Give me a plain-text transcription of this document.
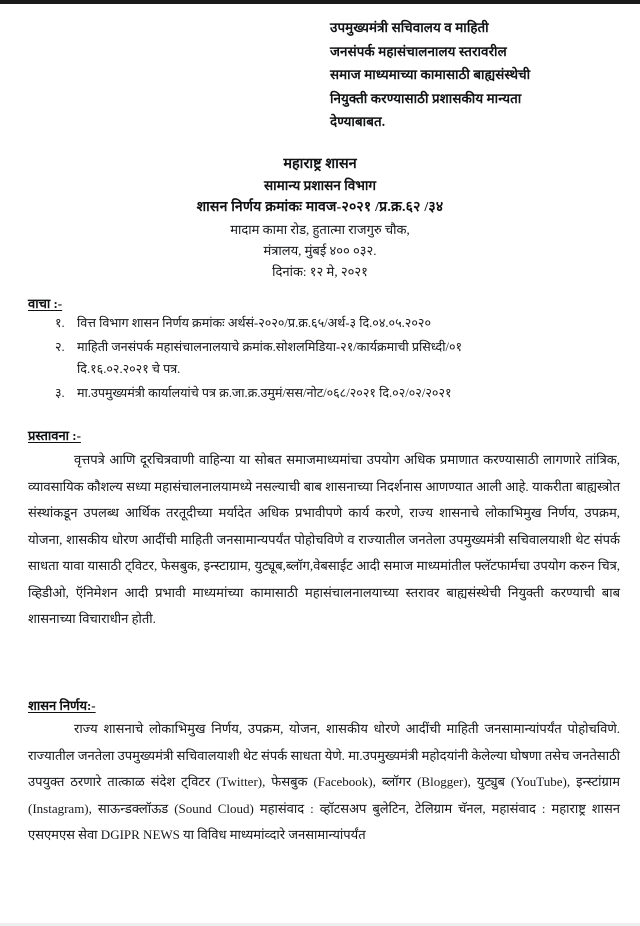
उपमुख्यमंत्री सचिवालय व माहिती
जनसंपर्क महासंचालनालय स्तरावरील
समाज माध्यमाच्या कामासाठी बाह्यसंस्थेची
नियुक्ती करण्यासाठी प्रशासकीय मान्यता
देण्याबाबत.
महाराष्ट्र शासन
सामान्य प्रशासन विभाग
शासन निर्णय क्रमांकः मावज-२०२१ /प्र.क्र.६२ /३४
मादाम कामा रोड, हुतात्मा राजगुरु चौक,
मंत्रालय, मुंबई ४०० ०३२.
दिनांक: १२ मे, २०२१
वाचा :-
१. वित्त विभाग शासन निर्णय क्रमांकः अर्थसं-२०२०/प्र.क्र.६५/अर्थ-३ दि.०४.०५.२०२०
२. माहिती जनसंपर्क महासंचालनालयाचे क्रमांक.सोशलमिडिया-२१/कार्यक्रमाची प्रसिध्दी/०१
दि.१६.०२.२०२१ चे पत्र.
३. मा.उपमुख्यमंत्री कार्यालयांचे पत्र क्र.जा.क्र.उमुमं/सस/नोट/०६८/२०२१ दि.०२/०२/२०२१
प्रस्तावना :-
वृत्तपत्रे आणि दूरचित्रवाणी वाहिन्या या सोबत समाजमाध्यमांचा उपयोग अधिक प्रमाणात करण्यासाठी लागणारे तांत्रिक, व्यावसायिक कौशल्य सध्या महासंचालनालयामध्ये नसल्याची बाब शासनाच्या निदर्शनास आणण्यात आली आहे. याकरीता बाह्यस्त्रोत संस्थांकडून उपलब्ध आर्थिक तरतूदीच्या मर्यादेत अधिक प्रभावीपणे कार्य करणे, राज्य शासनाचे लोकाभिमुख निर्णय, उपक्रम, योजना, शासकीय धोरण आदींची माहिती जनसामान्यपर्यंत पोहोचविणे व राज्यातील जनतेला उपमुख्यमंत्री सचिवालयाशी थेट संपर्क साधता यावा यासाठी ट्विटर, फेसबुक, इन्स्टाग्राम, युट्यूब,ब्लॉग,वेबसाईट आदी समाज माध्यमांतील फ्लॅटफार्मचा उपयोग करुन चित्र, व्हिडीओ, ऍनिमेशन आदी प्रभावी माध्यमांच्या कामासाठी महासंचालनालयाच्या स्तरावर बाह्यसंस्थेची नियुक्ती करण्याची बाब शासनाच्या विचाराधीन होती.
शासन निर्णय:-
राज्य शासनाचे लोकाभिमुख निर्णय, उपक्रम, योजन, शासकीय धोरणे आदींची माहिती जनसामान्यांपर्यंत पोहोचविणे. राज्यातील जनतेला उपमुख्यमंत्री सचिवालयाशी थेट संपर्क साधता येणे. मा.उपमुख्यमंत्री महोदयांनी केलेल्या घोषणा तसेच जनतेसाठी उपयुक्त ठरणारे तात्काळ संदेश ट्विटर (Twitter), फेसबुक (Facebook), ब्लॉगर (Blogger), युट्युब (YouTube), इन्स्टांग्राम (Instagram), साऊन्डक्लॉऊड (Sound Cloud) महासंवाद : व्हॉटसअप बुलेटिन, टेलिग्राम चॅनल, महासंवाद : महाराष्ट्र शासन एसएमएस सेवा DGIPR NEWS या विविध माध्यमांव्दारे जनसामान्यांपर्यंत
